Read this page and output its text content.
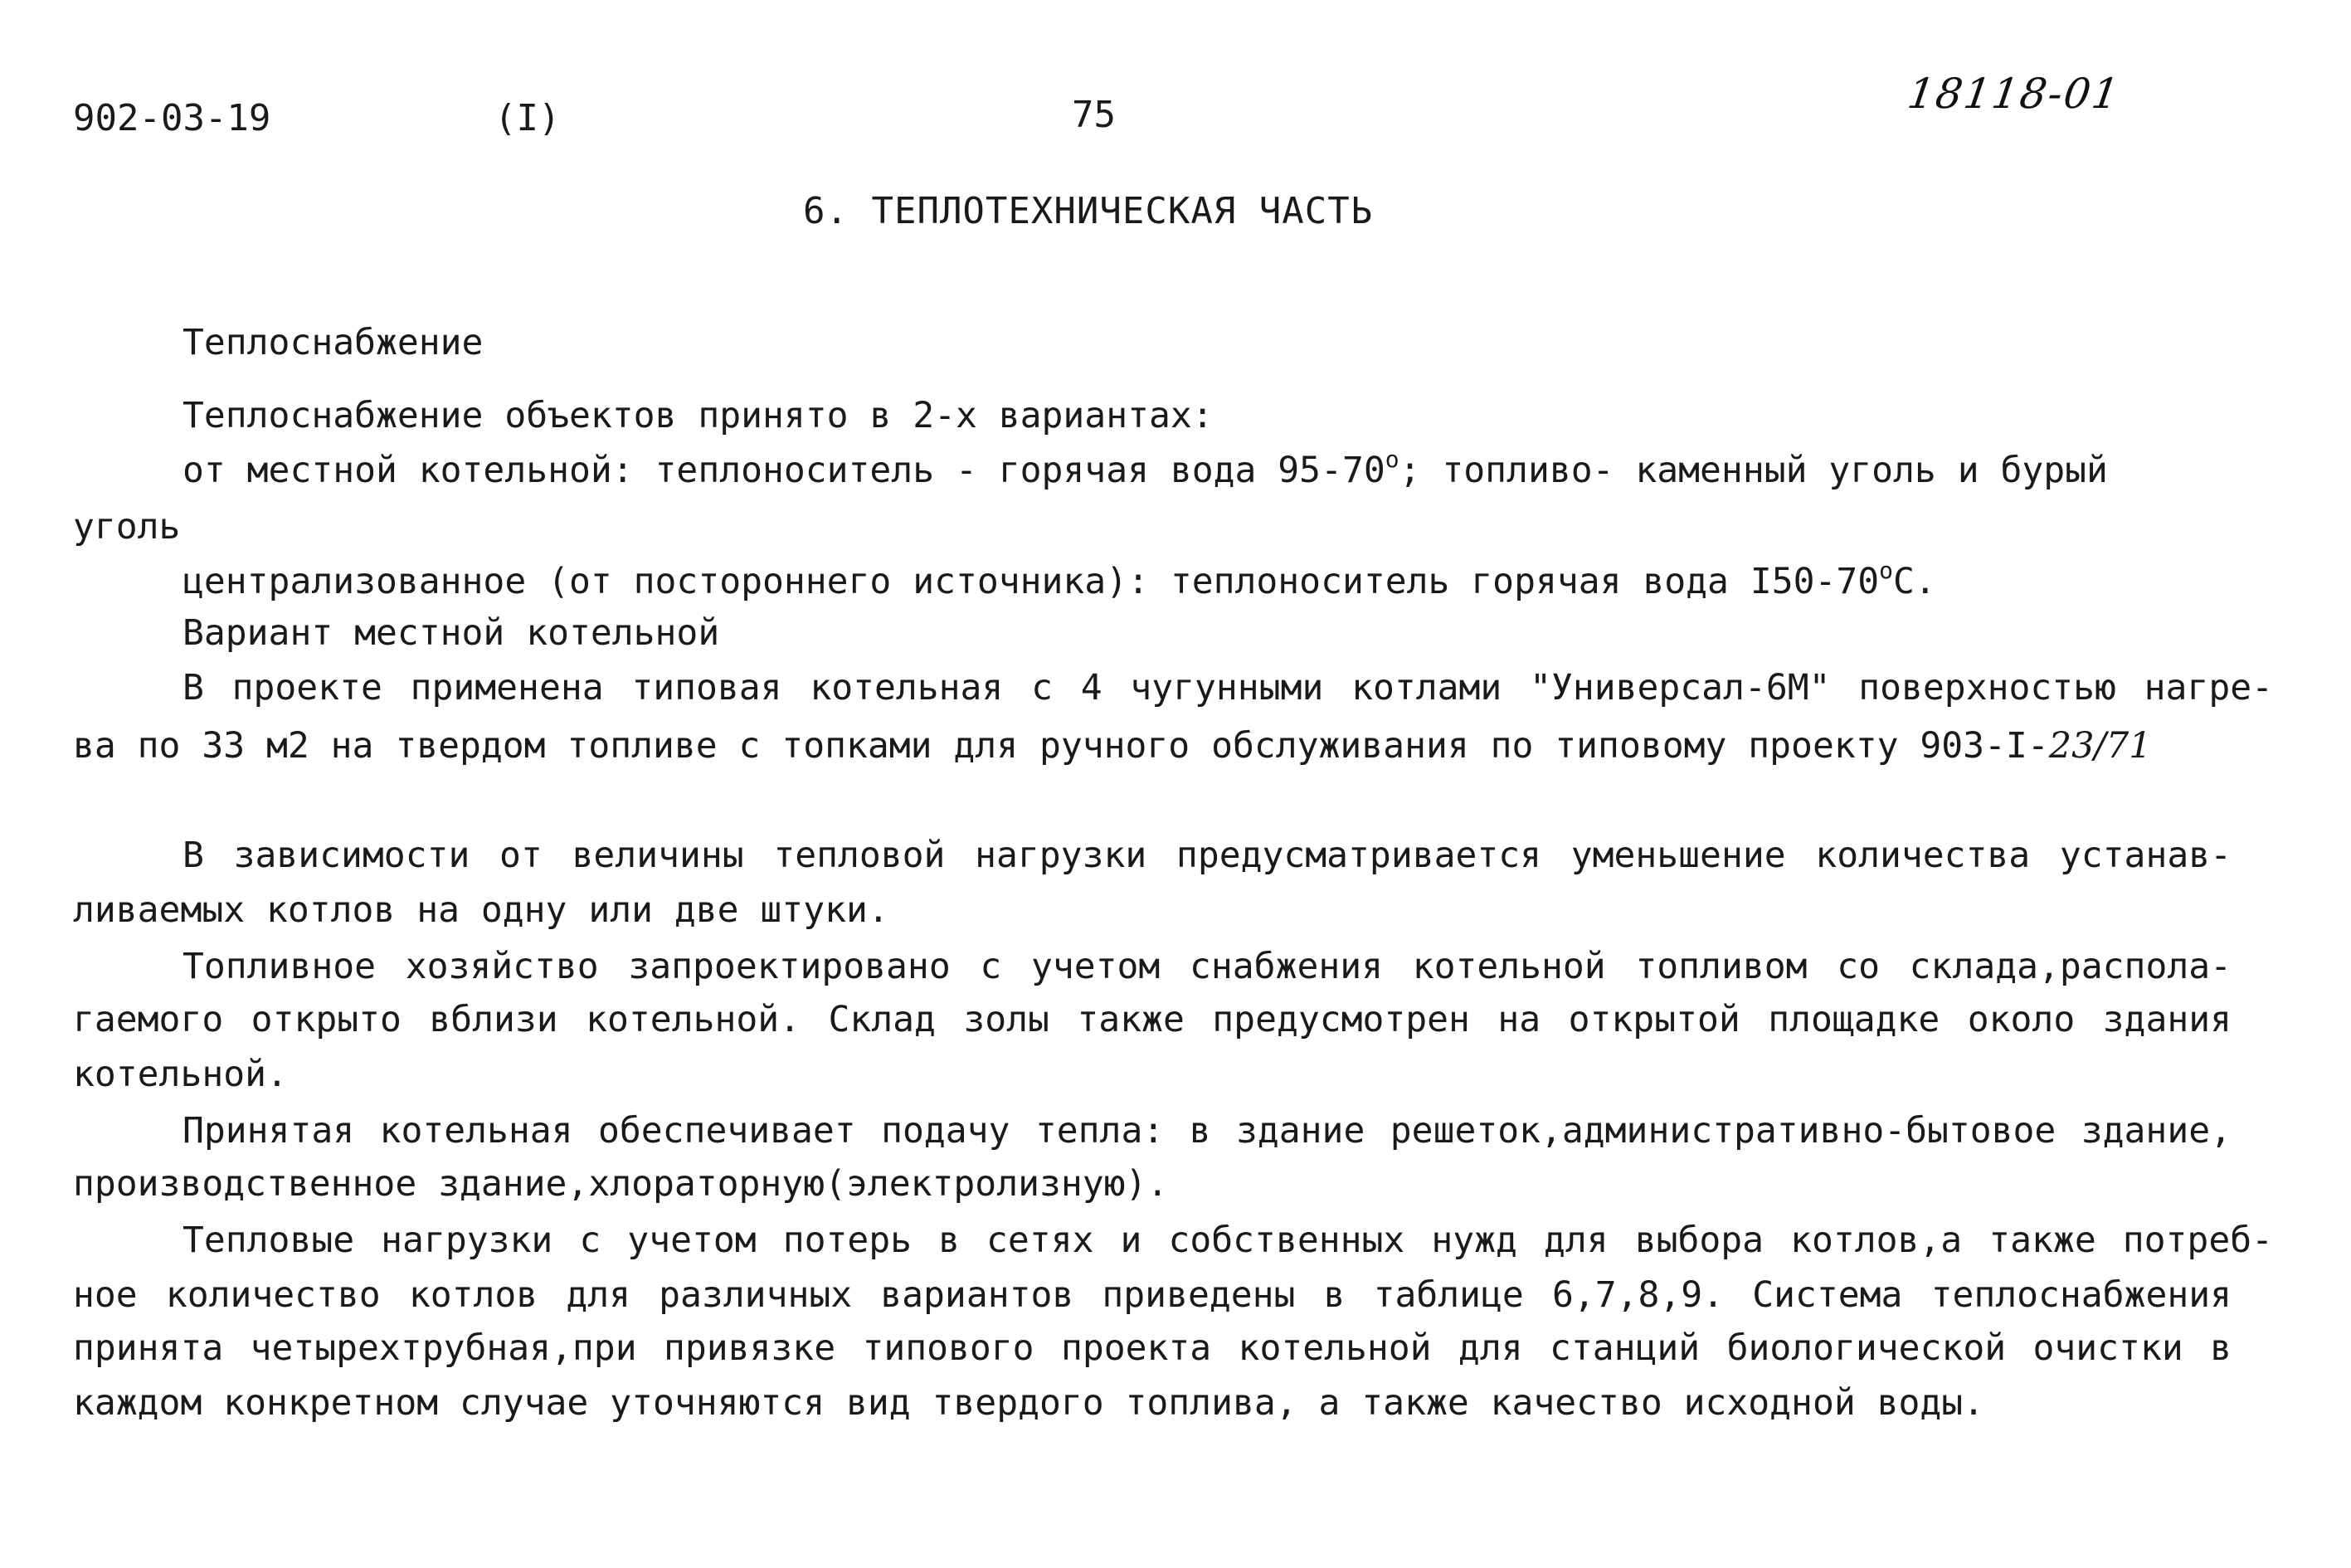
902-03-19	(I)	75	18118-01
6. ТЕПЛОТЕХНИЧЕСКАЯ ЧАСТЬ
Теплоснабжение
Теплоснабжение объектов принято в 2-х вариантах:
от местной котельной: теплоноситель - горячая вода $95-70^о$; топливо- каменный уголь и бурый
уголь
централизованное (от постороннего источника): теплоноситель горячая вода $I50-70^оС$.
Вариант местной котельной
В проекте применена типовая котельная с 4 чугунными котлами "Универсал-6М" поверхностью нагре-
ва по 33 м2 на твердом топливе с топками для ручного обслуживания по типовому проекту 903-I-23/71
В зависимости от величины тепловой нагрузки предусматривается уменьшение количества устанав-
ливаемых котлов на одну или две штуки.
Топливное хозяйство запроектировано с учетом снабжения котельной топливом со склада,распола-
гаемого открыто вблизи котельной. Склад золы также предусмотрен на открытой площадке около здания
котельной.
Принятая котельная обеспечивает подачу тепла: в здание решеток,административно-бытовое здание,
производственное здание,хлораторную(электролизную).
Тепловые нагрузки с учетом потерь в сетях и собственных нужд для выбора котлов,а также потреб-
ное количество котлов для различных вариантов приведены в таблице 6,7,8,9. Система теплоснабжения
принята четырехтрубная,при привязке типового проекта котельной для станций биологической очистки в
каждом конкретном случае уточняются вид твердого топлива, а также качество исходной воды.
